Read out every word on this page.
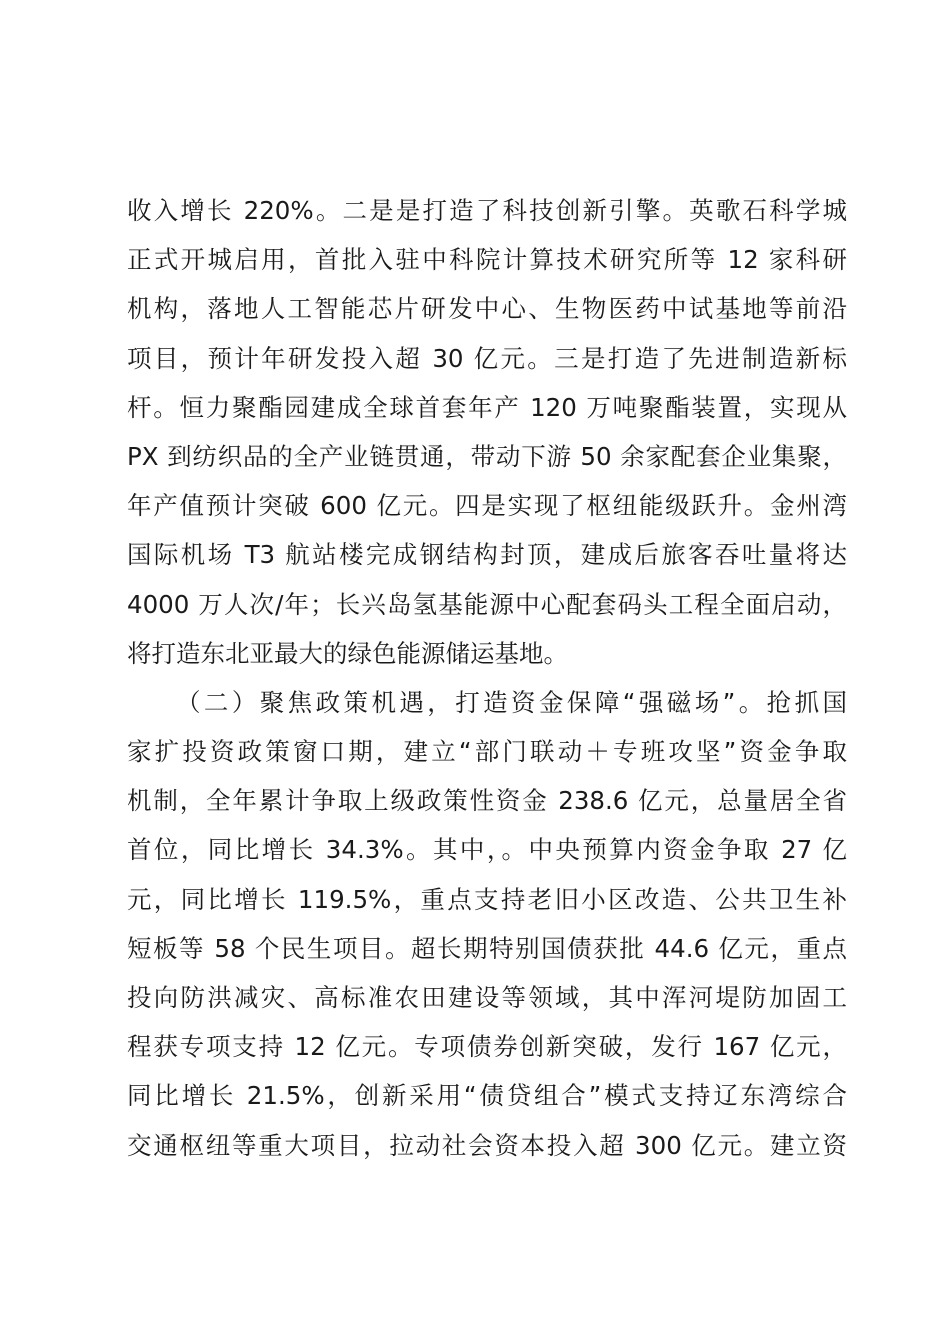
收入增长 220%。二是是打造了科技创新引擎。英歌石科学城
正式开城启用，首批入驻中科院计算技术研究所等 12 家科研
机构，落地人工智能芯片研发中心、生物医药中试基地等前沿
项目，预计年研发投入超 30 亿元。三是打造了先进制造新标
杆。恒力聚酯园建成全球首套年产 120 万吨聚酯装置，实现从
PX 到纺织品的全产业链贯通，带动下游 50 余家配套企业集聚，
年产值预计突破 600 亿元。四是实现了枢纽能级跃升。金州湾
国际机场 T3 航站楼完成钢结构封顶，建成后旅客吞吐量将达
4000 万人次/年；长兴岛氢基能源中心配套码头工程全面启动，
将打造东北亚最大的绿色能源储运基地。
（二）聚焦政策机遇，打造资金保障“强磁场”。抢抓国
家扩投资政策窗口期，建立“部门联动＋专班攻坚”资金争取
机制，全年累计争取上级政策性资金 238.6 亿元，总量居全省
首位，同比增长 34.3%。其中，。中央预算内资金争取 27 亿
元，同比增长 119.5%，重点支持老旧小区改造、公共卫生补
短板等 58 个民生项目。超长期特别国债获批 44.6 亿元，重点
投向防洪减灾、高标准农田建设等领域，其中浑河堤防加固工
程获专项支持 12 亿元。专项债券创新突破，发行 167 亿元，
同比增长 21.5%，创新采用“债贷组合”模式支持辽东湾综合
交通枢纽等重大项目，拉动社会资本投入超 300 亿元。建立资
